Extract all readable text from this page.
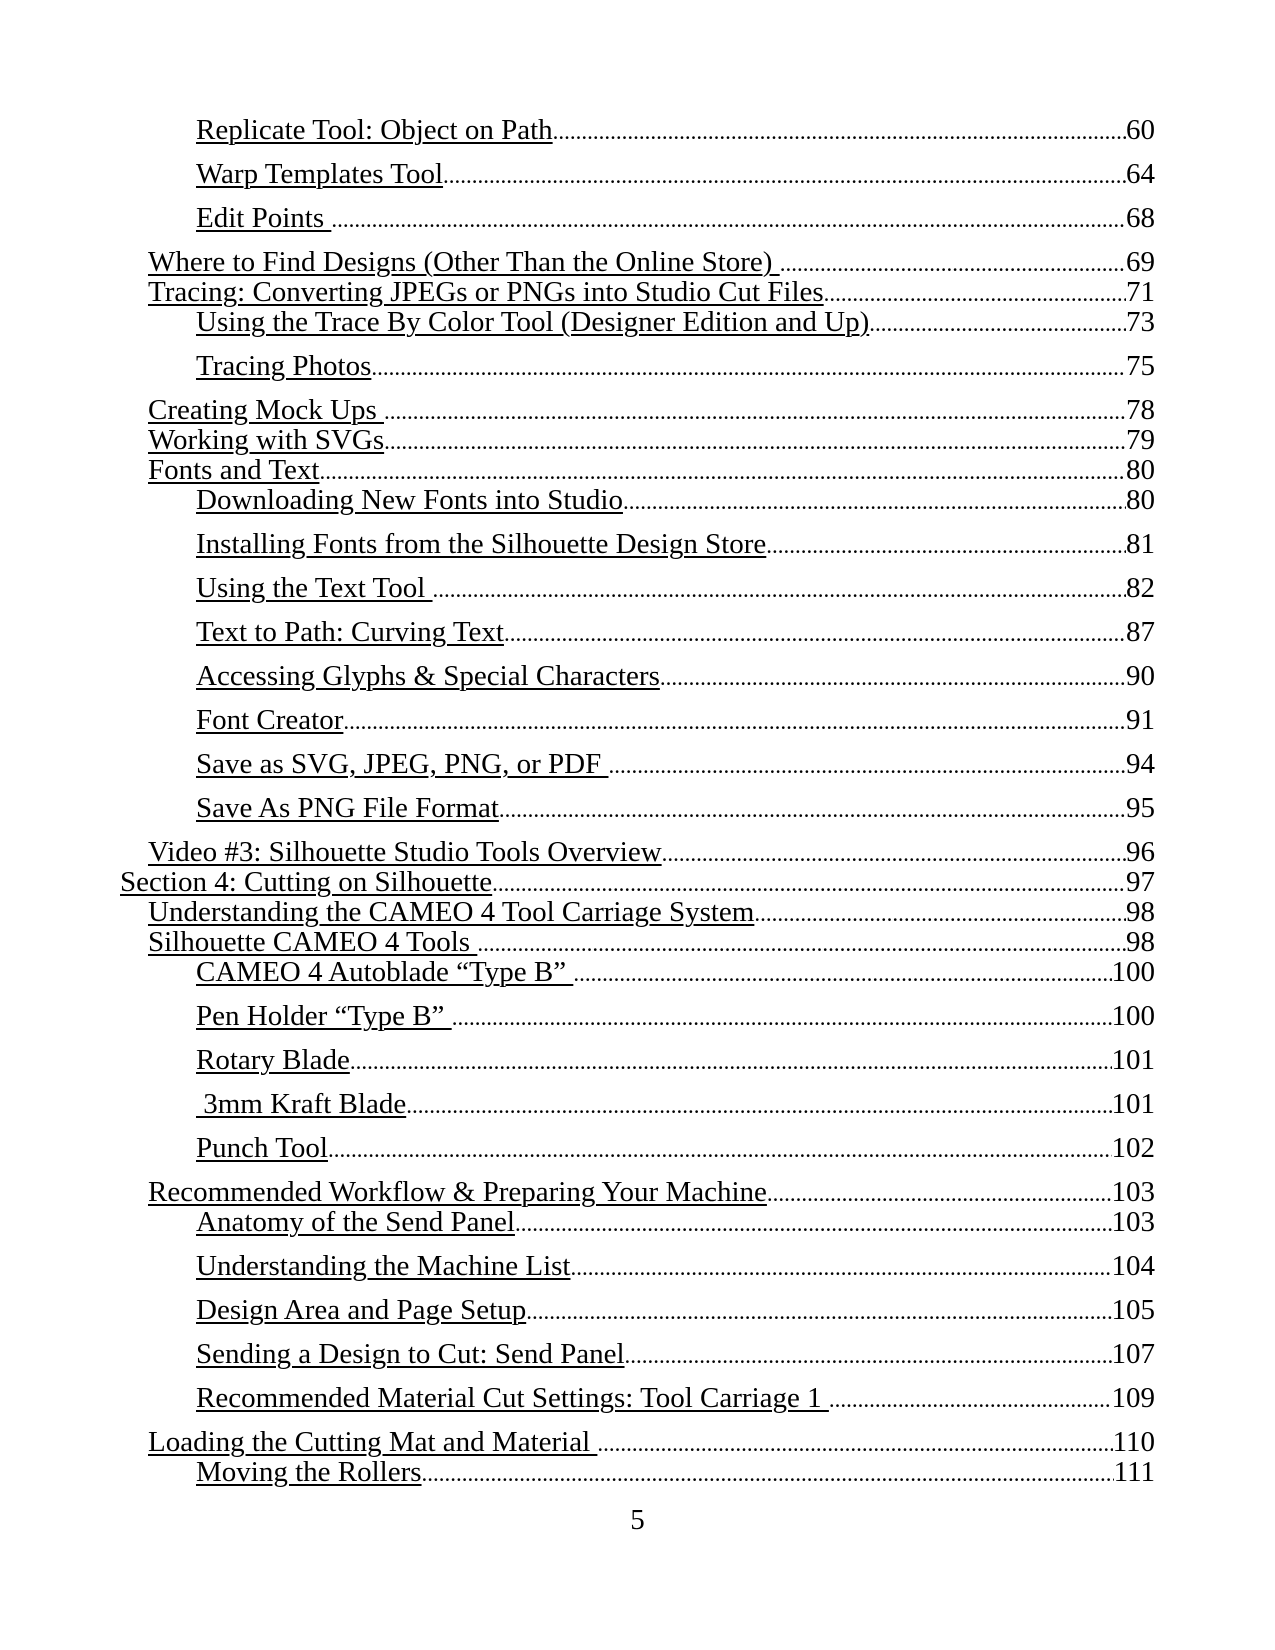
Replicate Tool: Object on Path .....	60
Warp Templates Tool .....	64
Edit Points .....	68
Where to Find Designs (Other Than the Online Store) .....	69
Tracing: Converting JPEGs or PNGs into Studio Cut Files .....	71
Using the Trace By Color Tool (Designer Edition and Up) .....	73
Tracing Photos .....	75
Creating Mock Ups .....	78
Working with SVGs .....	79
Fonts and Text .....	80
Downloading New Fonts into Studio .....	80
Installing Fonts from the Silhouette Design Store .....	81
Using the Text Tool .....	82
Text to Path: Curving Text .....	87
Accessing Glyphs & Special Characters .....	90
Font Creator .....	91
Save as SVG, JPEG, PNG, or PDF .....	94
Save As PNG File Format .....	95
Video #3: Silhouette Studio Tools Overview .....	96
Section 4: Cutting on Silhouette .....	97
Understanding the CAMEO 4 Tool Carriage System .....	98
Silhouette CAMEO 4 Tools .....	98
CAMEO 4 Autoblade “Type B” .....	100
Pen Holder “Type B” .....	100
Rotary Blade .....	101
3mm Kraft Blade .....	101
Punch Tool .....	102
Recommended Workflow & Preparing Your Machine .....	103
Anatomy of the Send Panel .....	103
Understanding the Machine List .....	104
Design Area and Page Setup .....	105
Sending a Design to Cut: Send Panel .....	107
Recommended Material Cut Settings: Tool Carriage 1 .....	109
Loading the Cutting Mat and Material .....	110
Moving the Rollers .....	111
5
